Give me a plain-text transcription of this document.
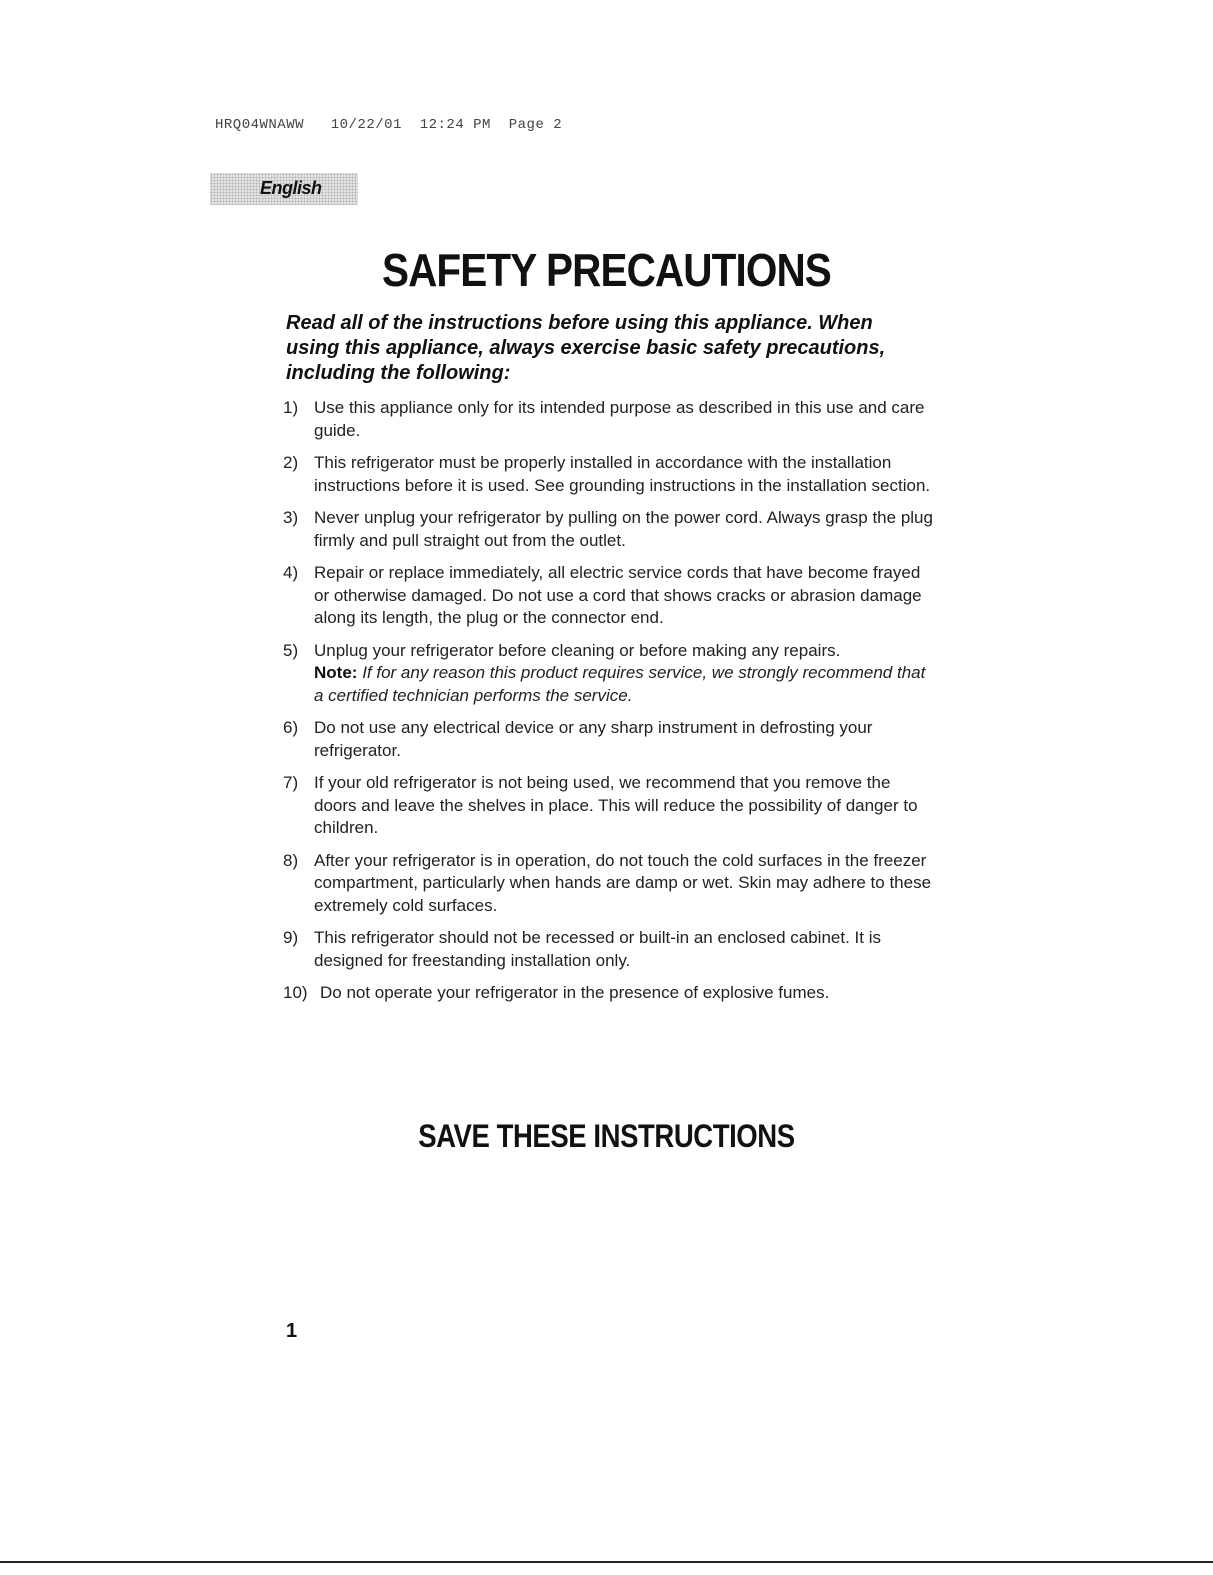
HRQ04WNAWW   10/22/01  12:24 PM  Page 2
English
SAFETY PRECAUTIONS
Read all of the instructions before using this appliance. When using this appliance, always exercise basic safety precautions, including the following:
1) Use this appliance only for its intended purpose as described in this use and care guide.
2) This refrigerator must be properly installed in accordance with the installation instructions before it is used. See grounding instructions in the installation section.
3) Never unplug your refrigerator by pulling on the power cord. Always grasp the plug firmly and pull straight out from the outlet.
4) Repair or replace immediately, all electric service cords that have become frayed or otherwise damaged. Do not use a cord that shows cracks or abrasion damage along its length, the plug or the connector end.
5) Unplug your refrigerator before cleaning or before making any repairs.
Note: If for any reason this product requires service, we strongly recommend that a certified technician performs the service.
6) Do not use any electrical device or any sharp instrument in defrosting your refrigerator.
7) If your old refrigerator is not being used, we recommend that you remove the doors and leave the shelves in place. This will reduce the possibility of danger to children.
8) After your refrigerator is in operation, do not touch the cold surfaces in the freezer compartment, particularly when hands are damp or wet. Skin may adhere to these extremely cold surfaces.
9) This refrigerator should not be recessed or built-in an enclosed cabinet. It is designed for freestanding installation only.
10) Do not operate your refrigerator in the presence of explosive fumes.
SAVE THESE INSTRUCTIONS
1
